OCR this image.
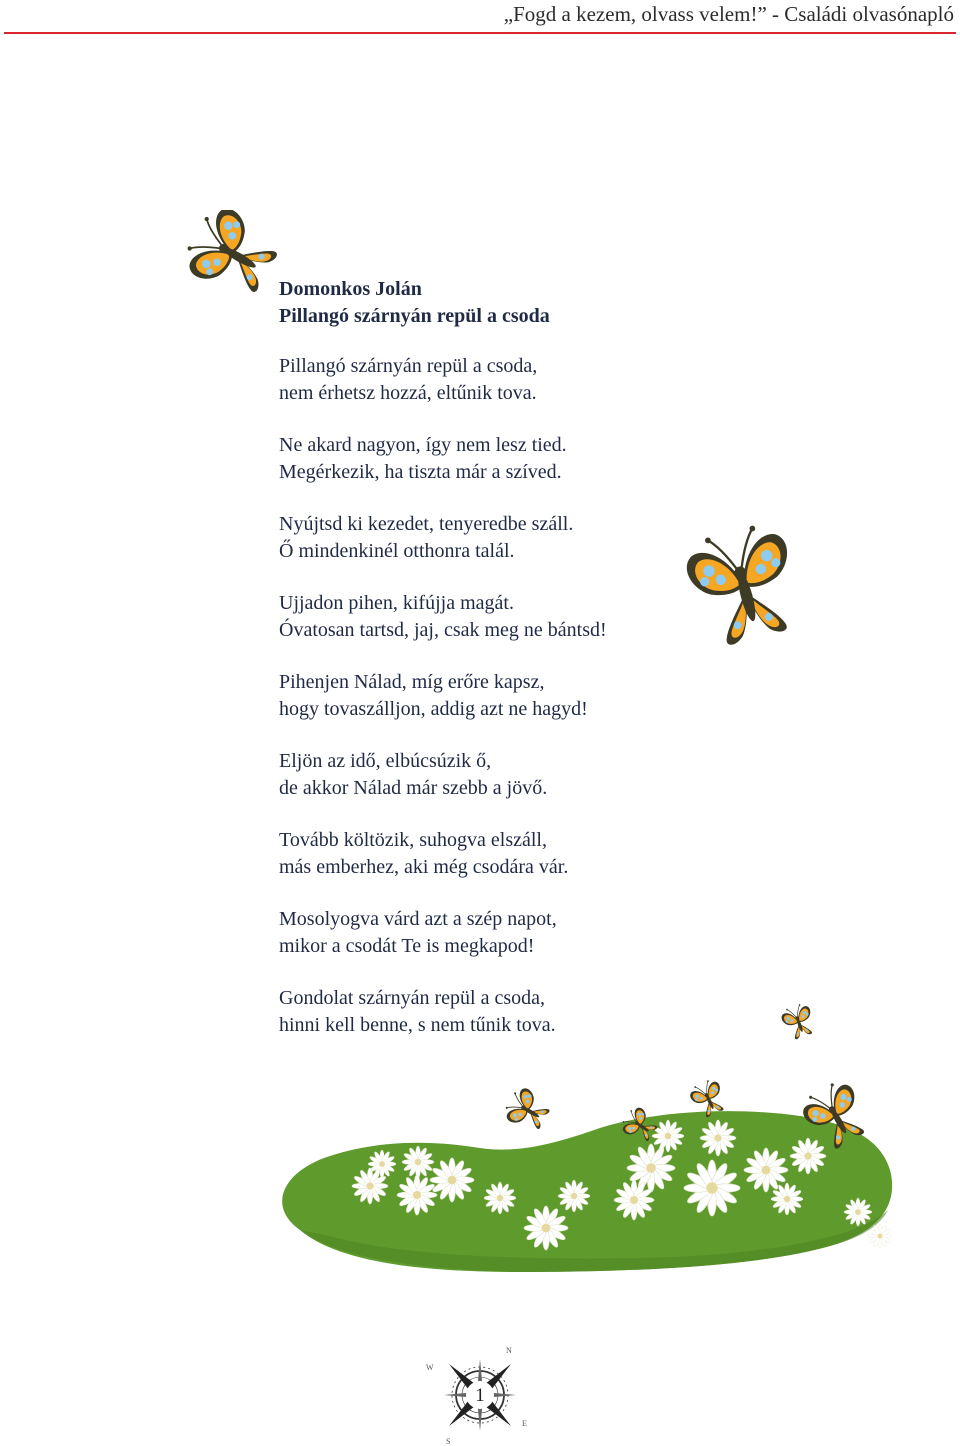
„Fogd a kezem, olvass velem!” - Családi olvasónapló
Domonkos Jolán
Pillangó szárnyán repül a csoda
Pillangó szárnyán repül a csoda,
nem érhetsz hozzá, eltűnik tova.
Ne akard nagyon, így nem lesz tied.
Megérkezik, ha tiszta már a szíved.
Nyújtsd ki kezedet, tenyeredbe száll.
Ő mindenkinél otthonra talál.
Ujjadon pihen, kifújja magát.
Óvatosan tartsd, jaj, csak meg ne bántsd!
Pihenjen Nálad, míg erőre kapsz,
hogy tovaszálljon, addig azt ne hagyd!
Eljön az idő, elbúcsúzik ő,
de akkor Nálad már szebb a jövő.
Tovább költözik, suhogva elszáll,
más emberhez, aki még csodára vár.
Mosolyogva várd azt a szép napot,
mikor a csodát Te is megkapod!
Gondolat szárnyán repül a csoda,
hinni kell benne, s nem tűnik tova.
N
W
E
S
1
